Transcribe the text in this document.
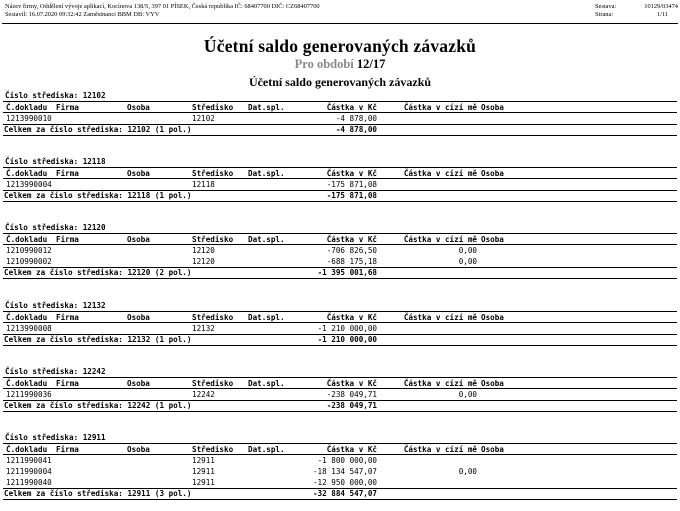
Název firmy, Oddělení vývoje aplikací, Kocínova 138/5, 397 01 PÍSEK, Česká republika IČ: 68407700 DIČ: CZ68407700
Sestavil: 16.07.2020 09:32:42 Zaměstnanci BBM DB: VYV
Sestava:	10129/03474
Strana:	1/11
Účetní saldo generovaných závazků
Pro období 12/17
Účetní saldo generovaných závazků
Číslo střediska: 12102
Č.dokladu Firma	Osoba	Středisko Dat.spl.	Částka v Kč	Částka v cízí mě Osoba
1213990010	12102	-4 878,00
Celkem za číslo střediska: 12102 (1 pol.)	-4 878,00
Číslo střediska: 12118
Č.dokladu Firma	Osoba	Středisko Dat.spl.	Částka v Kč	Částka v cízí mě Osoba
1213990004	12118	-175 871,08
Celkem za číslo střediska: 12118 (1 pol.)	-175 871,08
Číslo střediska: 12120
Č.dokladu Firma	Osoba	Středisko Dat.spl.	Částka v Kč	Částka v cízí mě Osoba
1210990012	12120	-706 826,50	0,00
1210990002	12120	-688 175,18	0,00
Celkem za číslo střediska: 12120 (2 pol.)	-1 395 001,68
Číslo střediska: 12132
Č.dokladu Firma	Osoba	Středisko Dat.spl.	Částka v Kč	Částka v cízí mě Osoba
1213990008	12132	-1 210 000,00
Celkem za číslo střediska: 12132 (1 pol.)	-1 210 000,00
Číslo střediska: 12242
Č.dokladu Firma	Osoba	Středisko Dat.spl.	Částka v Kč	Částka v cízí mě Osoba
1211990036	12242	-238 049,71	0,00
Celkem za číslo střediska: 12242 (1 pol.)	-238 049,71
Číslo střediska: 12911
Č.dokladu Firma	Osoba	Středisko Dat.spl.	Částka v Kč	Částka v cízí mě Osoba
1211990041	12911	-1 800 000,00
1211990004	12911	-18 134 547,07	0,00
1211990040	12911	-12 950 000,00
Celkem za číslo střediska: 12911 (3 pol.)	-32 884 547,07
